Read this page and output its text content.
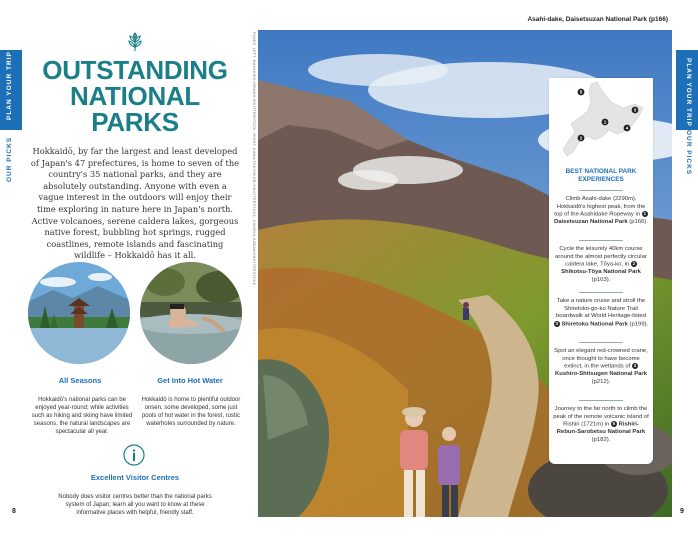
PLAN YOUR TRIP
OUR PICKS
8
PLAN YOUR TRIP
OUR PICKS
9
OUTSTANDING
NATIONAL
PARKS
Hokkaidō, by far the largest and least developed of Japan's 47 prefectures, is home to seven of the country's 35 national parks, and they are absolutely outstanding. Anyone with even a vague interest in the outdoors will enjoy their time exploring in nature here in Japan's north. Active volcanoes, serene caldera lakes, gorgeous native forest, bubbling hot springs, rugged coastlines, remote islands and fascinating wildlife – Hokkaidō has it all.
All Seasons
Hokkaidō's national parks can be enjoyed year-round; while activities such as hiking and skiing have limited seasons, the natural landscapes are spectacular all year.
Get Into Hot Water
Hokkaidō is home to plentiful outdoor onsen, some developed, some just pools of hot water in the forest, rustic waterholes surrounded by nature.
Excellent Visitor Centres
Nobody does visitor centres better than the national parks system of Japan; learn all you want to know at these informative places with helpful, friendly staff.
Asahi-dake, Daisetsuzan National Park (p166)
PAGES: LEFT: MASAHIRO HIRANO/SHUTTERSTOCK; RIGHT: KUMA/TOKYOKOBI/SHUTTERSTOCK; CHAIRUL AZMAN/SHUTTERSTOCK	1
2
3
4
5
BEST NATIONAL PARK EXPERIENCES
Climb Asahi-dake (2290m), Hokkaidō's highest peak, from the top of the Asahidake Ropeway in 1 Daisetsuzan National Park (p166).
Cycle the leisurely 40km course around the almost perfectly circular caldera lake, Tōya-ko, in 2 Shikotsu-Tōya National Park (p103).
Take a nature cruise and stroll the Shiretoko-go-ko Nature Trail boardwalk at World Heritage-listed 3 Shiretoko National Park (p199).
Spot an elegant red-crowned crane, once thought to have become extinct, in the wetlands of 4 Kushiro-Shitsugen National Park (p212).
Journey to the far north to climb the peak of the remote volcanic island of Rishiri (1721m) in 5 Rishiri-Rebun-Sarobetsu National Park (p182).
